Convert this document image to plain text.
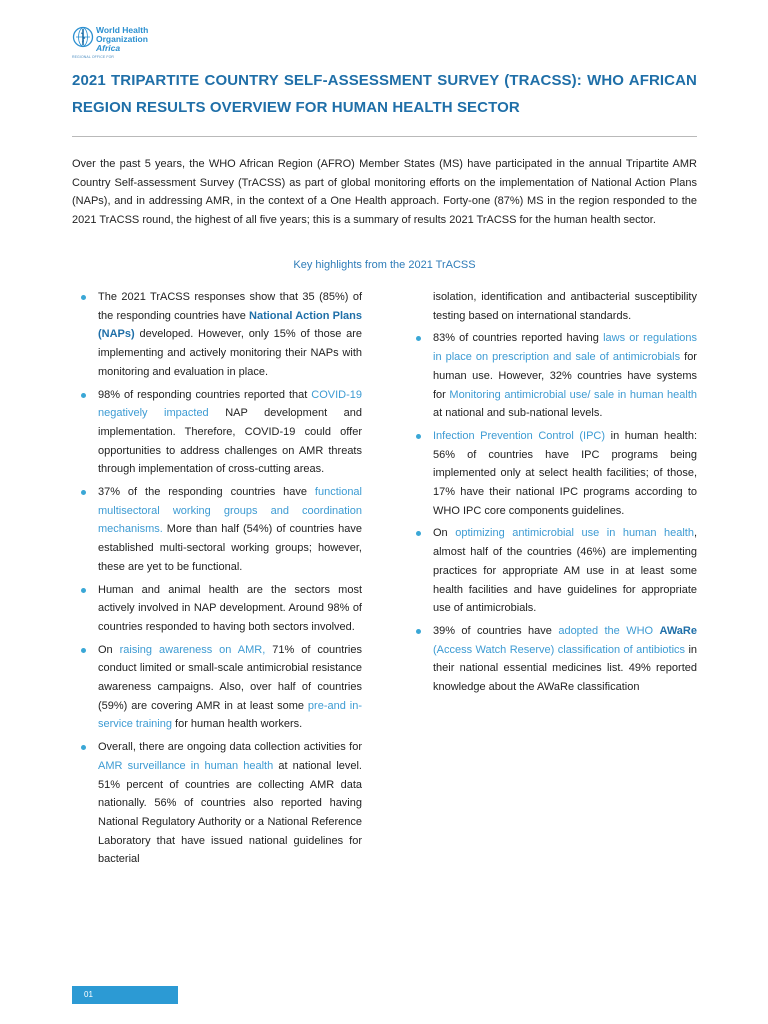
World Health
Organization
Africa
REGIONAL OFFICE FOR
2021 TRIPARTITE COUNTRY SELF-ASSESSMENT SURVEY (TRACSS): WHO AFRICAN
REGION RESULTS OVERVIEW FOR HUMAN HEALTH SECTOR

Over the past 5 years, the WHO African Region (AFRO) Member States (MS) have participated in the annual Tripartite AMR Country Self-assessment Survey (TrACSS) as part of global monitoring efforts on the implementation of National Action Plans (NAPs), and in addressing AMR, in the context of a One Health approach. Forty-one (87%) MS in the region responded to the 2021 TrACSS round, the highest of all five years; this is a summary of results 2021 TrACSS for the human health sector.

Key highlights from the 2021 TrACSS

The 2021 TrACSS responses show that 35 (85%) of the responding countries have National Action Plans (NAPs) developed. However, only 15% of those are implementing and actively monitoring their NAPs with monitoring and evaluation in place.
98% of responding countries reported that COVID-19 negatively impacted NAP development and implementation. Therefore, COVID-19 could offer opportunities to address challenges on AMR threats through implementation of cross-cutting areas.
37% of the responding countries have functional multisectoral working groups and coordination mechanisms. More than half (54%) of countries have established multi-sectoral working groups; however, these are yet to be functional.
Human and animal health are the sectors most actively involved in NAP development. Around 98% of countries responded to having both sectors involved.
On raising awareness on AMR, 71% of countries conduct limited or small-scale antimicrobial resistance awareness campaigns. Also, over half of countries (59%) are covering AMR in at least some pre-and in-service training for human health workers.
Overall, there are ongoing data collection activities for AMR surveillance in human health at national level. 51% percent of countries are collecting AMR data nationally. 56% of countries also reported having National Regulatory Authority or a National Reference Laboratory that have issued national guidelines for bacterial

isolation, identification and antibacterial susceptibility testing based on international standards.

83% of countries reported having laws or regulations in place on prescription and sale of antimicrobials for human use. However, 32% countries have systems for Monitoring antimicrobial use/ sale in human health at national and sub-national levels.
Infection Prevention Control (IPC) in human health: 56% of countries have IPC programs being implemented only at select health facilities; of those, 17% have their national IPC programs according to WHO IPC core components guidelines.
On optimizing antimicrobial use in human health, almost half of the countries (46%) are implementing practices for appropriate AM use in at least some health facilities and have guidelines for appropriate use of antimicrobials.
39% of countries have adopted the WHO AWaRe (Access Watch Reserve) classification of antibiotics in their national essential medicines list. 49% reported knowledge about the AWaRe classification
01
